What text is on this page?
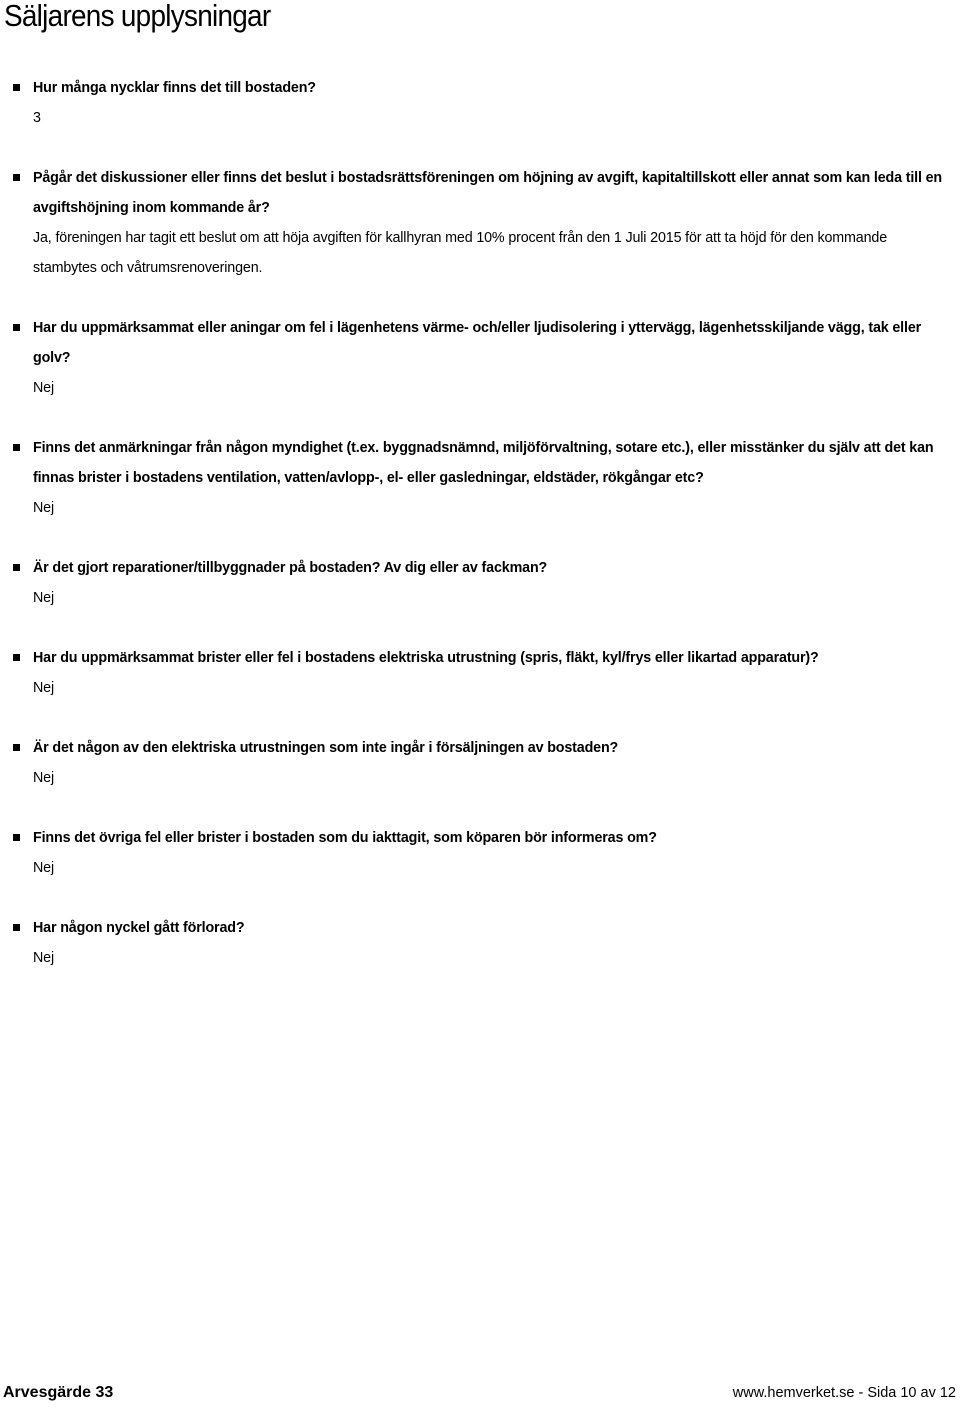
Säljarens upplysningar

Hur många nycklar finns det till bostaden?

3

Pågår det diskussioner eller finns det beslut i bostadsrättsföreningen om höjning av avgift, kapitaltillskott eller annat som kan leda till en avgiftshöjning inom kommande år?

Ja, föreningen har tagit ett beslut om att höja avgiften för kallhyran med 10% procent från den 1 Juli 2015 för att ta höjd för den kommande stambytes och våtrumsrenoveringen.

Har du uppmärksammat eller aningar om fel i lägenhetens värme- och/eller ljudisolering i yttervägg, lägenhetsskiljande vägg, tak eller golv?

Nej

Finns det anmärkningar från någon myndighet (t.ex. byggnadsnämnd, miljöförvaltning, sotare etc.), eller misstänker du själv att det kan finnas brister i bostadens ventilation, vatten/avlopp-, el- eller gasledningar, eldstäder, rökgångar etc?

Nej

Är det gjort reparationer/tillbyggnader på bostaden? Av dig eller av fackman?

Nej

Har du uppmärksammat brister eller fel i bostadens elektriska utrustning (spris, fläkt, kyl/frys eller likartad apparatur)?

Nej

Är det någon av den elektriska utrustningen som inte ingår i försäljningen av bostaden?

Nej

Finns det övriga fel eller brister i bostaden som du iakttagit, som köparen bör informeras om?

Nej

Har någon nyckel gått förlorad?

Nej

Arvesgärde 33	www.hemverket.se - Sida 10 av 12
